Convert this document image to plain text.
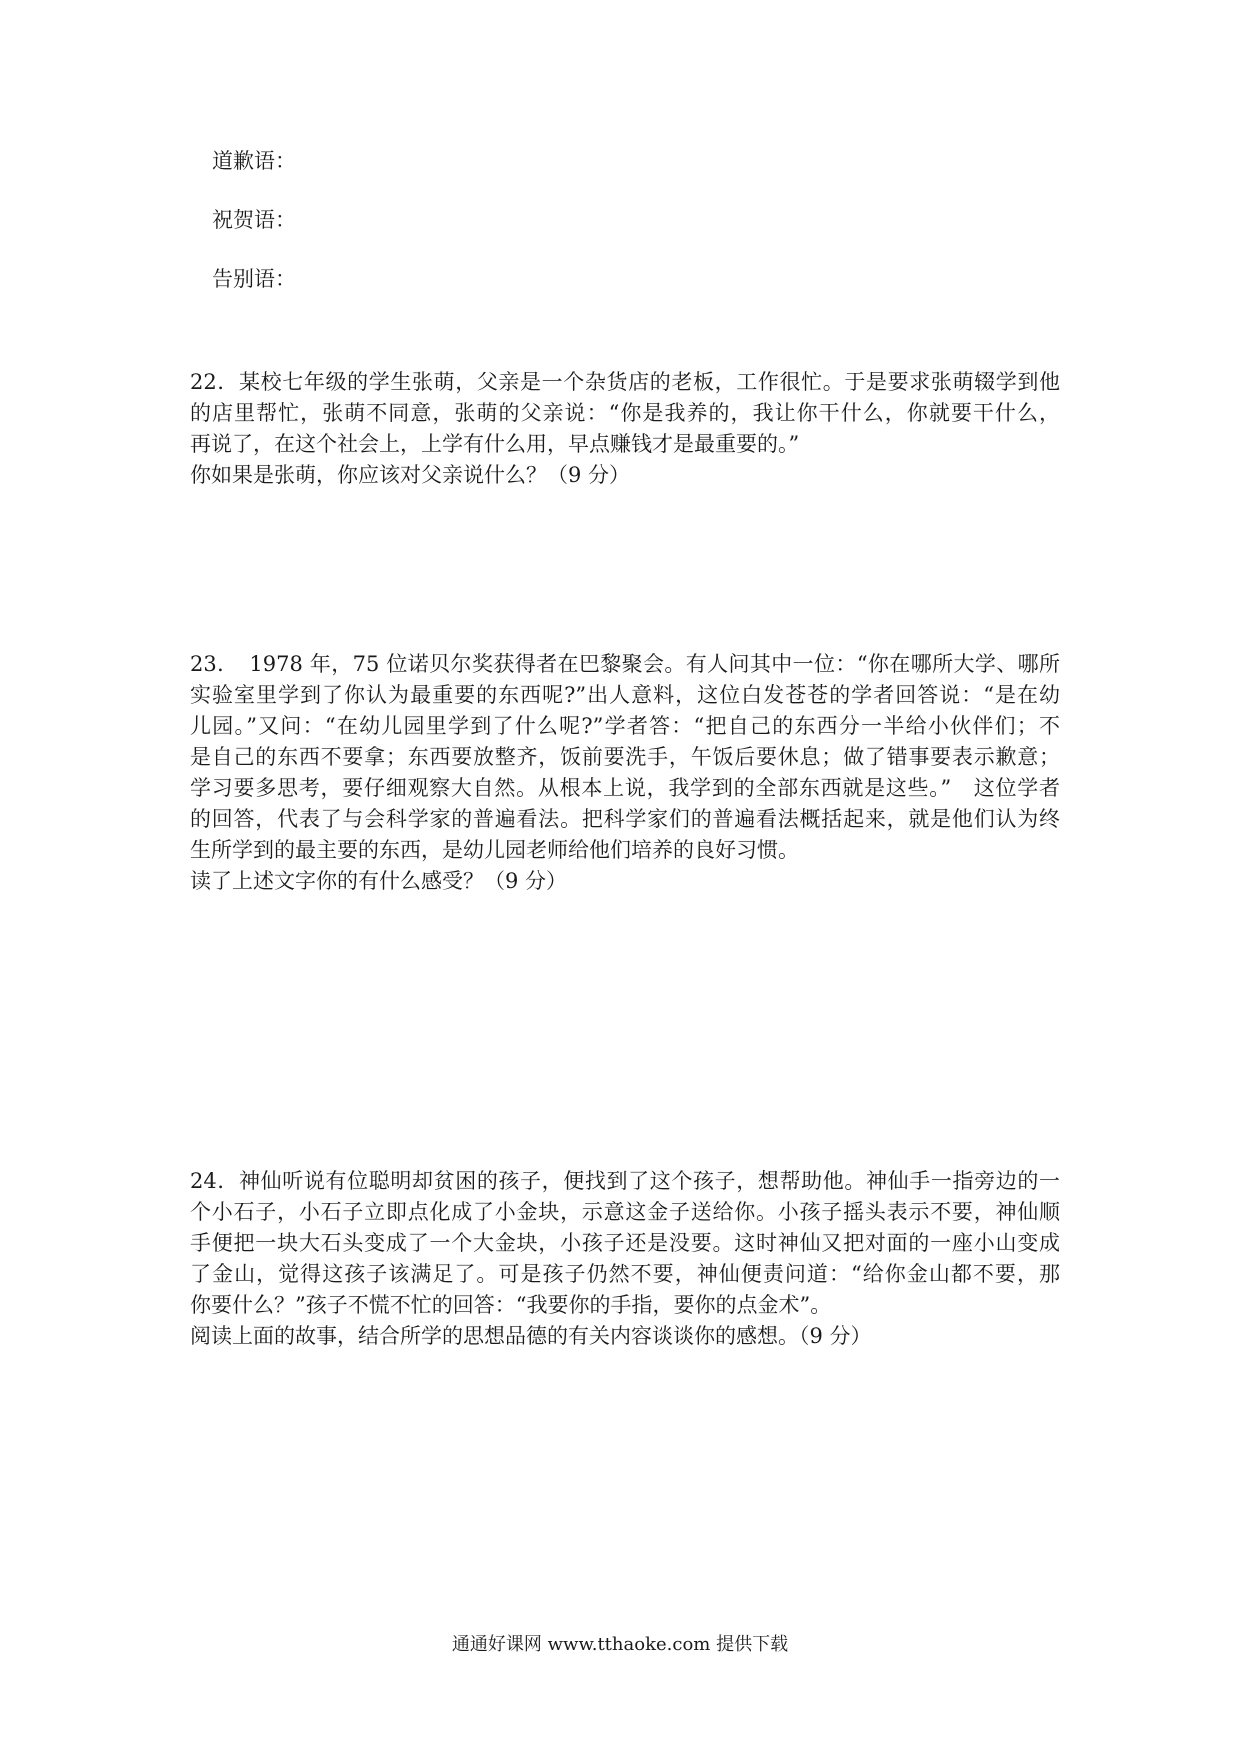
道歉语：
祝贺语：
告别语：
22．某校七年级的学生张萌，父亲是一个杂货店的老板，工作很忙。于是要求张萌辍学到他
的店里帮忙，张萌不同意，张萌的父亲说：“你是我养的，我让你干什么，你就要干什么，
再说了，在这个社会上，上学有什么用，早点赚钱才是最重要的。”
你如果是张萌，你应该对父亲说什么？（9 分）
23．　1978 年，75 位诺贝尔奖获得者在巴黎聚会。有人问其中一位：“你在哪所大学、哪所
实验室里学到了你认为最重要的东西呢?”出人意料，这位白发苍苍的学者回答说：“是在幼
儿园。”又问：“在幼儿园里学到了什么呢?”学者答：“把自己的东西分一半给小伙伴们；不
是自己的东西不要拿；东西要放整齐，饭前要洗手，午饭后要休息；做了错事要表示歉意；
学习要多思考，要仔细观察大自然。从根本上说，我学到的全部东西就是这些。”　这位学者
的回答，代表了与会科学家的普遍看法。把科学家们的普遍看法概括起来，就是他们认为终
生所学到的最主要的东西，是幼儿园老师给他们培养的良好习惯。
读了上述文字你的有什么感受？（9 分）
24．神仙听说有位聪明却贫困的孩子，便找到了这个孩子，想帮助他。神仙手一指旁边的一
个小石子，小石子立即点化成了小金块，示意这金子送给你。小孩子摇头表示不要，神仙顺
手便把一块大石头变成了一个大金块，小孩子还是没要。这时神仙又把对面的一座小山变成
了金山，觉得这孩子该满足了。可是孩子仍然不要，神仙便责问道：“给你金山都不要，那
你要什么？”孩子不慌不忙的回答：“我要你的手指，要你的点金术”。
阅读上面的故事，结合所学的思想品德的有关内容谈谈你的感想。（9 分）
通通好课网 www.tthaoke.com 提供下载
